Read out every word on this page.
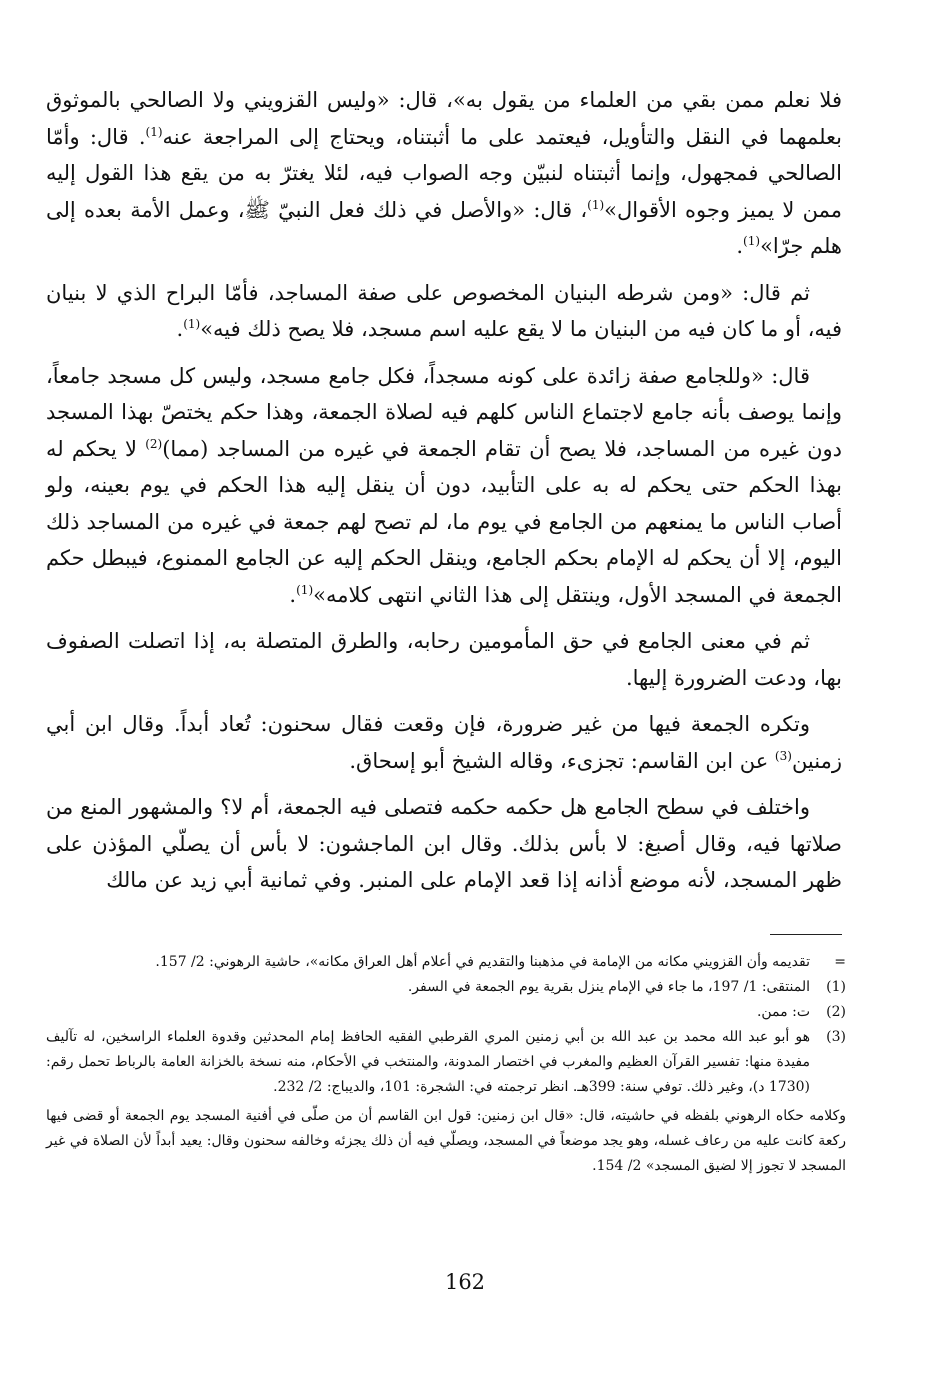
فلا نعلم ممن بقي من العلماء من يقول به»، قال: «وليس القزويني ولا الصالحي بالموثوق بعلمهما في النقل والتأويل، فيعتمد على ما أثبتناه، ويحتاج إلى المراجعة عنه$^{(1)}$. قال: وأمّا الصالحي فمجهول، وإنما أثبتناه لنبيّن وجه الصواب فيه، لئلا يغترّ به من يقع هذا القول إليه ممن لا يميز وجوه الأقوال»$^{(1)}$، قال: «والأصل في ذلك فعل النبيّ ﷺ، وعمل الأمة بعده إلى هلم جرّا»$^{(1)}$.

ثم قال: «ومن شرطه البنيان المخصوص على صفة المساجد، فأمّا البراح الذي لا بنيان فيه، أو ما كان فيه من البنيان ما لا يقع عليه اسم مسجد، فلا يصح ذلك فيه»$^{(1)}$.

قال: «وللجامع صفة زائدة على كونه مسجداً، فكل جامع مسجد، وليس كل مسجد جامعاً، وإنما يوصف بأنه جامع لاجتماع الناس كلهم فيه لصلاة الجمعة، وهذا حكم يختصّ بهذا المسجد دون غيره من المساجد، فلا يصح أن تقام الجمعة في غيره من المساجد (مما)$^{(2)}$ لا يحكم له بهذا الحكم حتى يحكم له به على التأبيد، دون أن ينقل إليه هذا الحكم في يوم بعينه، ولو أصاب الناس ما يمنعهم من الجامع في يوم ما، لم تصح لهم جمعة في غيره من المساجد ذلك اليوم، إلا أن يحكم له الإمام بحكم الجامع، وينقل الحكم إليه عن الجامع الممنوع، فيبطل حكم الجمعة في المسجد الأول، وينتقل إلى هذا الثاني انتهى كلامه»$^{(1)}$.

ثم في معنى الجامع في حق المأمومين رحابه، والطرق المتصلة به، إذا اتصلت الصفوف بها، ودعت الضرورة إليها.

وتكره الجمعة فيها من غير ضرورة، فإن وقعت فقال سحنون: تُعاد أبداً. وقال ابن أبي زمنين$^{(3)}$ عن ابن القاسم: تجزىء، وقاله الشيخ أبو إسحاق.

واختلف في سطح الجامع هل حكمه حكمه فتصلى فيه الجمعة، أم لا؟ والمشهور المنع من صلاتها فيه، وقال أصبغ: لا بأس بذلك. وقال ابن الماجشون: لا بأس أن يصلّي المؤذن على ظهر المسجد، لأنه موضع أذانه إذا قعد الإمام على المنبر. وفي ثمانية أبي زيد عن مالك

=
تقديمه وأن القزويني مكانه من الإمامة في مذهبنا والتقديم في أعلام أهل العراق مكانه»، حاشية الرهوني: 2/ 157.
(1)
المنتقى: 1/ 197، ما جاء في الإمام ينزل بقرية يوم الجمعة في السفر.
(2)
ت: ممن.
(3)
هو أبو عبد الله محمد بن عبد الله بن أبي زمنين المري القرطبي الفقيه الحافظ إمام المحدثين وقدوة العلماء الراسخين، له تآليف مفيدة منها: تفسير القرآن العظيم والمغرب في اختصار المدونة، والمنتخب في الأحكام، منه نسخة بالخزانة العامة بالرباط تحمل رقم: (1730 د)، وغير ذلك. توفي سنة: 399هـ. انظر ترجمته في: الشجرة: 101، والديباج: 2/ 232.
وكلامه حكاه الرهوني بلفظه في حاشيته، قال: «قال ابن زمنين: قول ابن القاسم أن من صلّى في أفنية المسجد يوم الجمعة أو قضى فيها ركعة كانت عليه من رعاف غسله، وهو يجد موضعاً في المسجد، ويصلّي فيه أن ذلك يجزئه وخالفه سحنون وقال: يعيد أبداً لأن الصلاة في غير المسجد لا تجوز إلا لضيق المسجد» 2/ 154.
162
